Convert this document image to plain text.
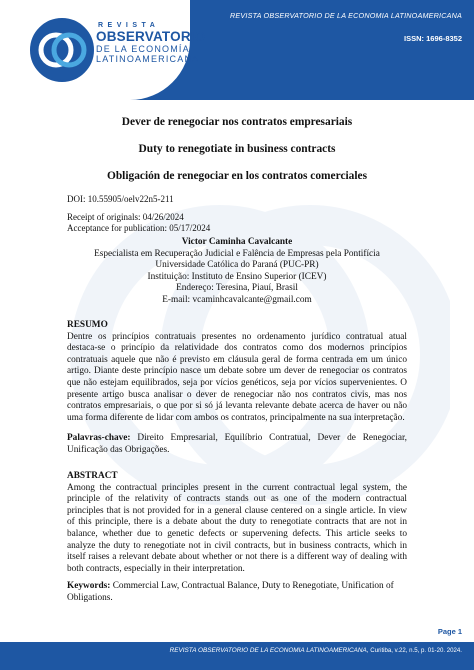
REVISTA
OBSERVATORIO
DE LA ECONOMÍA
LATINOAMERICANA
REVISTA OBSERVATORIO DE LA ECONOMIA LATINOAMERICANA
ISSN: 1696-8352
Dever de renegociar nos contratos empresariais
Duty to renegotiate in business contracts
Obligación de renegociar en los contratos comerciales
DOI: 10.55905/oelv22n5-211
Receipt of originals: 04/26/2024
Acceptance for publication: 05/17/2024
Victor Caminha Cavalcante
Especialista em Recuperação Judicial e Falência de Empresas pela Pontifícia
Universidade Católica do Paraná (PUC-PR)
Instituição: Instituto de Ensino Superior (ICEV)
Endereço: Teresina, Piauí, Brasil
E-mail: vcaminhcavalcante@gmail.com
RESUMO
Dentre os princípios contratuais presentes no ordenamento jurídico contratual atual destaca-se o princípio da relatividade dos contratos como dos modernos princípios contratuais aquele que não é previsto em cláusula geral de forma centrada em um único artigo. Diante deste princípio nasce um debate sobre um dever de renegociar os contratos que não estejam equilibrados, seja por vícios genéticos, seja por vícios supervenientes. O presente artigo busca analisar o dever de renegociar não nos contratos civis, mas nos contratos empresariais, o que por si só já levanta relevante debate acerca de haver ou não uma forma diferente de lidar com ambos os contratos, principalmente na sua interpretação.
Palavras-chave: Direito Empresarial, Equilíbrio Contratual, Dever de Renegociar, Unificação das Obrigações.
ABSTRACT
Among the contractual principles present in the current contractual legal system, the principle of the relativity of contracts stands out as one of the modern contractual principles that is not provided for in a general clause centered on a single article. In view of this principle, there is a debate about the duty to renegotiate contracts that are not in balance, whether due to genetic defects or supervening defects. This article seeks to analyze the duty to renegotiate not in civil contracts, but in business contracts, which in itself raises a relevant debate about whether or not there is a different way of dealing with both contracts, especially in their interpretation.
Keywords: Commercial Law, Contractual Balance, Duty to Renegotiate, Unification of Obligations.
Page 1
REVISTA OBSERVATORIO DE LA ECONOMIA LATINOAMERICANA, Curitiba, v.22, n.5, p. 01-20. 2024.
